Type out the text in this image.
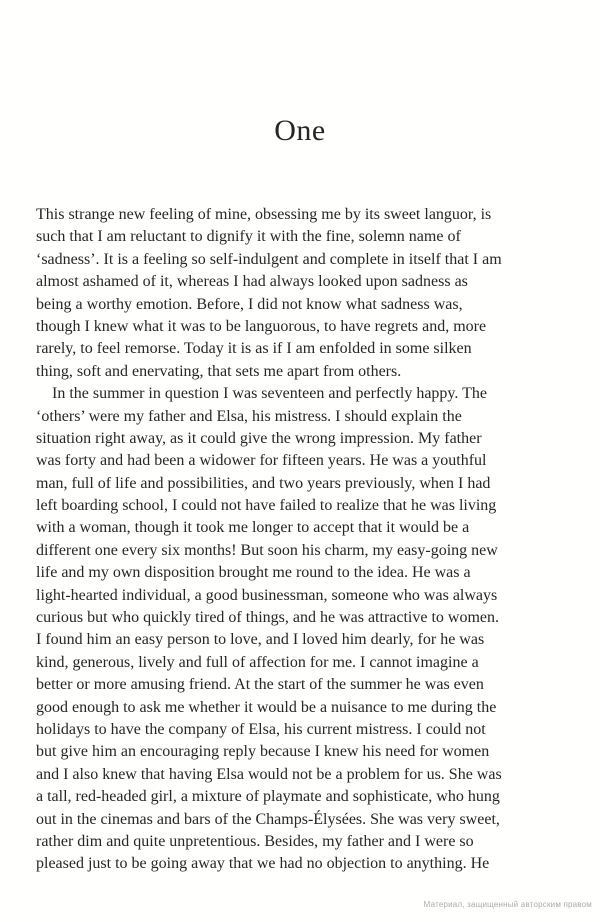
One
This strange new feeling of mine, obsessing me by its sweet languor, is
such that I am reluctant to dignify it with the fine, solemn name of
‘sadness’. It is a feeling so self-indulgent and complete in itself that I am
almost ashamed of it, whereas I had always looked upon sadness as
being a worthy emotion. Before, I did not know what sadness was,
though I knew what it was to be languorous, to have regrets and, more
rarely, to feel remorse. Today it is as if I am enfolded in some silken
thing, soft and enervating, that sets me apart from others.
In the summer in question I was seventeen and perfectly happy. The
‘others’ were my father and Elsa, his mistress. I should explain the
situation right away, as it could give the wrong impression. My father
was forty and had been a widower for fifteen years. He was a youthful
man, full of life and possibilities, and two years previously, when I had
left boarding school, I could not have failed to realize that he was living
with a woman, though it took me longer to accept that it would be a
different one every six months! But soon his charm, my easy-going new
life and my own disposition brought me round to the idea. He was a
light-hearted individual, a good businessman, someone who was always
curious but who quickly tired of things, and he was attractive to women.
I found him an easy person to love, and I loved him dearly, for he was
kind, generous, lively and full of affection for me. I cannot imagine a
better or more amusing friend. At the start of the summer he was even
good enough to ask me whether it would be a nuisance to me during the
holidays to have the company of Elsa, his current mistress. I could not
but give him an encouraging reply because I knew his need for women
and I also knew that having Elsa would not be a problem for us. She was
a tall, red-headed girl, a mixture of playmate and sophisticate, who hung
out in the cinemas and bars of the Champs-Élysées. She was very sweet,
rather dim and quite unpretentious. Besides, my father and I were so
pleased just to be going away that we had no objection to anything. He
Материал, защищенный авторским правом
